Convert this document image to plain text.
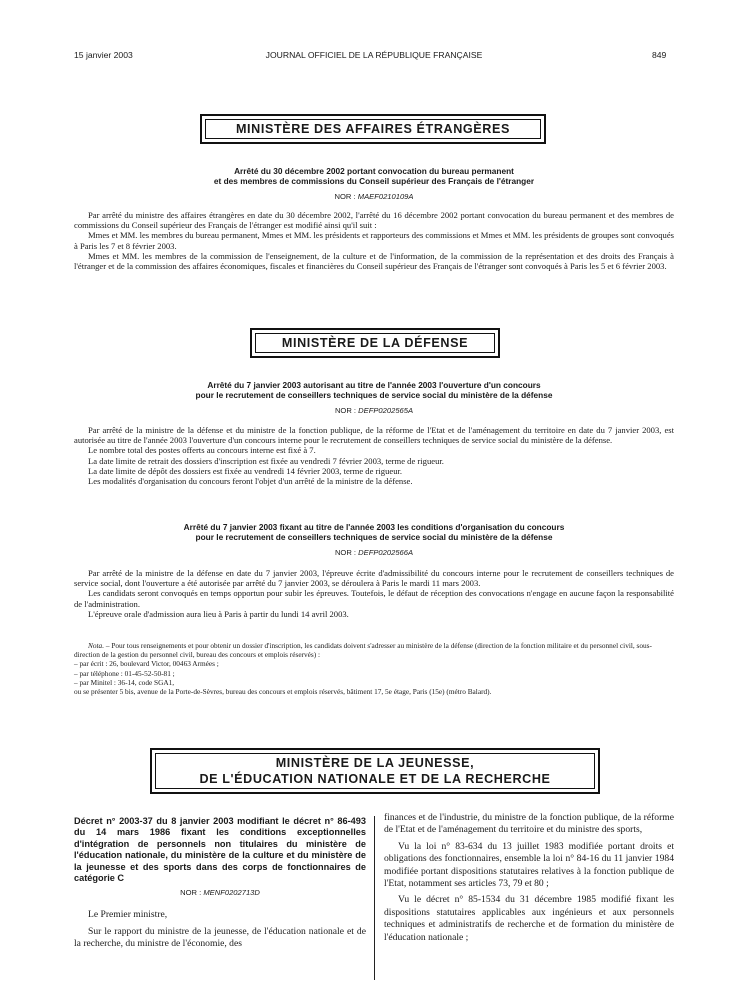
15 janvier 2003	JOURNAL OFFICIEL DE LA RÉPUBLIQUE FRANÇAISE	849
MINISTÈRE DES AFFAIRES ÉTRANGÈRES
Arrêté du 30 décembre 2002 portant convocation du bureau permanent
et des membres de commissions du Conseil supérieur des Français de l'étranger
NOR : MAEF0210109A

Par arrêté du ministre des affaires étrangères en date du 30 décembre 2002, l'arrêté du 16 décembre 2002 portant convocation du bureau permanent et des membres de commissions du Conseil supérieur des Français de l'étranger est modifié ainsi qu'il suit :

Mmes et MM. les membres du bureau permanent, Mmes et MM. les présidents et rapporteurs des commissions et Mmes et MM. les présidents de groupes sont convoqués à Paris les 7 et 8 février 2003.

Mmes et MM. les membres de la commission de l'enseignement, de la culture et de l'information, de la commission de la représentation et des droits des Français à l'étranger et de la commission des affaires économiques, fiscales et financières du Conseil supérieur des Français de l'étranger sont convoqués à Paris les 5 et 6 février 2003.

MINISTÈRE DE LA DÉFENSE
Arrêté du 7 janvier 2003 autorisant au titre de l'année 2003 l'ouverture d'un concours
pour le recrutement de conseillers techniques de service social du ministère de la défense
NOR : DEFP0202565A

Par arrêté de la ministre de la défense et du ministre de la fonction publique, de la réforme de l'Etat et de l'aménagement du territoire en date du 7 janvier 2003, est autorisée au titre de l'année 2003 l'ouverture d'un concours interne pour le recrutement de conseillers techniques de service social du ministère de la défense.

Le nombre total des postes offerts au concours interne est fixé à 7.

La date limite de retrait des dossiers d'inscription est fixée au vendredi 7 février 2003, terme de rigueur.

La date limite de dépôt des dossiers est fixée au vendredi 14 février 2003, terme de rigueur.

Les modalités d'organisation du concours feront l'objet d'un arrêté de la ministre de la défense.

Arrêté du 7 janvier 2003 fixant au titre de l'année 2003 les conditions d'organisation du concours
pour le recrutement de conseillers techniques de service social du ministère de la défense
NOR : DEFP0202566A

Par arrêté de la ministre de la défense en date du 7 janvier 2003, l'épreuve écrite d'admissibilité du concours interne pour le recrutement de conseillers techniques de service social, dont l'ouverture a été autorisée par arrêté du 7 janvier 2003, se déroulera à Paris le mardi 11 mars 2003.

Les candidats seront convoqués en temps opportun pour subir les épreuves. Toutefois, le défaut de réception des convocations n'engage en aucune façon la responsabilité de l'administration.

L'épreuve orale d'admission aura lieu à Paris à partir du lundi 14 avril 2003.

Nota. – Pour tous renseignements et pour obtenir un dossier d'inscription, les candidats doivent s'adresser au ministère de la défense (direction de la fonction militaire et du personnel civil, sous-direction de la gestion du personnel civil, bureau des concours et emplois réservés) :

– par écrit : 26, boulevard Victor, 00463 Armées ;

– par téléphone : 01-45-52-50-81 ;

– par Minitel : 36-14, code SGA1,

ou se présenter 5 bis, avenue de la Porte-de-Sèvres, bureau des concours et emplois réservés, bâtiment 17, 5e étage, Paris (15e) (métro Balard).

MINISTÈRE DE LA JEUNESSE,
DE L'ÉDUCATION NATIONALE ET DE LA RECHERCHE
Décret n° 2003-37 du 8 janvier 2003 modifiant le décret n° 86-493 du 14 mars 1986 fixant les conditions exceptionnelles d'intégration de personnels non titulaires du ministère de l'éducation nationale, du ministère de la culture et du ministère de la jeunesse et des sports dans des corps de fonctionnaires de catégorie C
NOR : MENF0202713D

Le Premier ministre,

Sur le rapport du ministre de la jeunesse, de l'éducation nationale et de la recherche, du ministre de l'économie, des

finances et de l'industrie, du ministre de la fonction publique, de la réforme de l'Etat et de l'aménagement du territoire et du ministre des sports,

Vu la loi n° 83-634 du 13 juillet 1983 modifiée portant droits et obligations des fonctionnaires, ensemble la loi n° 84-16 du 11 janvier 1984 modifiée portant dispositions statutaires relatives à la fonction publique de l'Etat, notamment ses articles 73, 79 et 80 ;

Vu le décret n° 85-1534 du 31 décembre 1985 modifié fixant les dispositions statutaires applicables aux ingénieurs et aux personnels techniques et administratifs de recherche et de formation du ministère de l'éducation nationale ;
